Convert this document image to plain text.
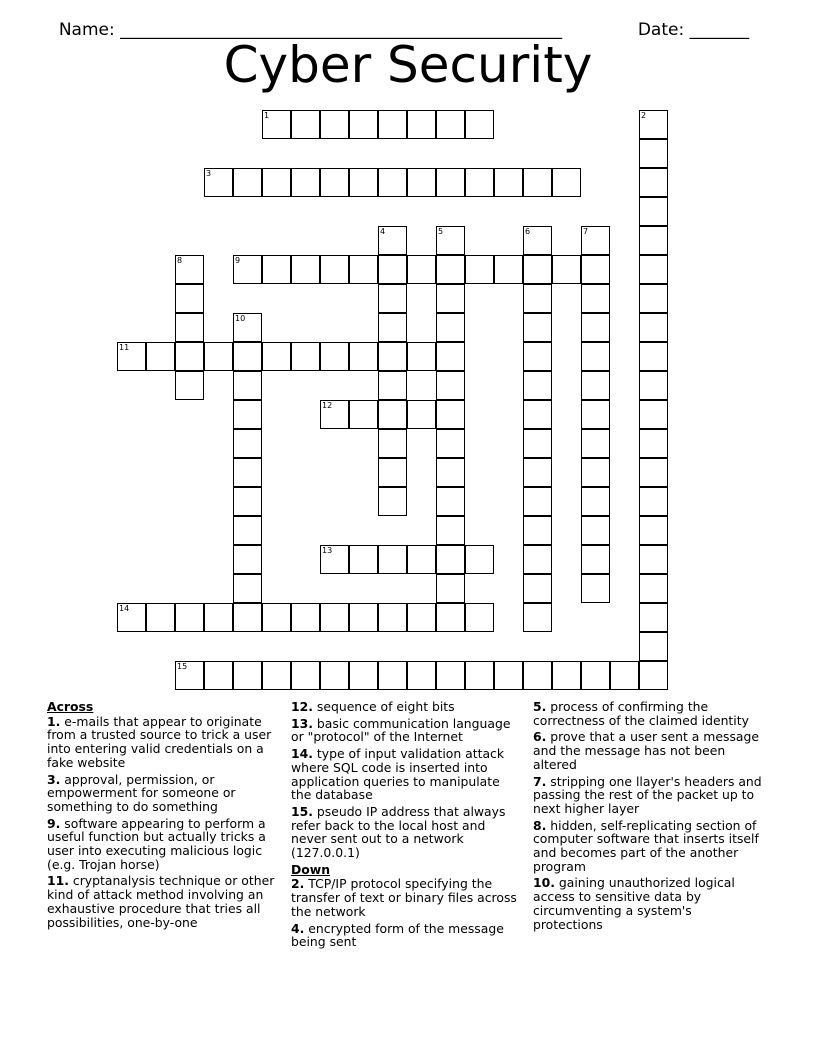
Name: ____________________________________________________	Date: _______

Cyber Security
1
3
9
11
12
13
14
15
2
4	5	6	7
8
10
Across
1. e-mails that appear to originate from a trusted source to trick a user into entering valid credentials on a fake website
3. approval, permission, or empowerment for someone or something to do something
9. software appearing to perform a useful function but actually tricks a user into executing malicious logic (e.g. Trojan horse)
11. cryptanalysis technique or other kind of attack method involving an exhaustive procedure that tries all possibilities, one-by-one
12. sequence of eight bits
13. basic communication language or "protocol" of the Internet
14. type of input validation attack where SQL code is inserted into application queries to manipulate the database
15. pseudo IP address that always refer back to the local host and never sent out to a network (127.0.0.1)
Down
2. TCP/IP protocol specifying the transfer of text or binary files across the network
4. encrypted form of the message being sent
5. process of confirming the correctness of the claimed identity
6. prove that a user sent a message and the message has not been altered
7. stripping one llayer's headers and passing the rest of the packet up to next higher layer
8. hidden, self-replicating section of computer software that inserts itself and becomes part of the another program
10. gaining unauthorized logical access to sensitive data by circumventing a system's protections
